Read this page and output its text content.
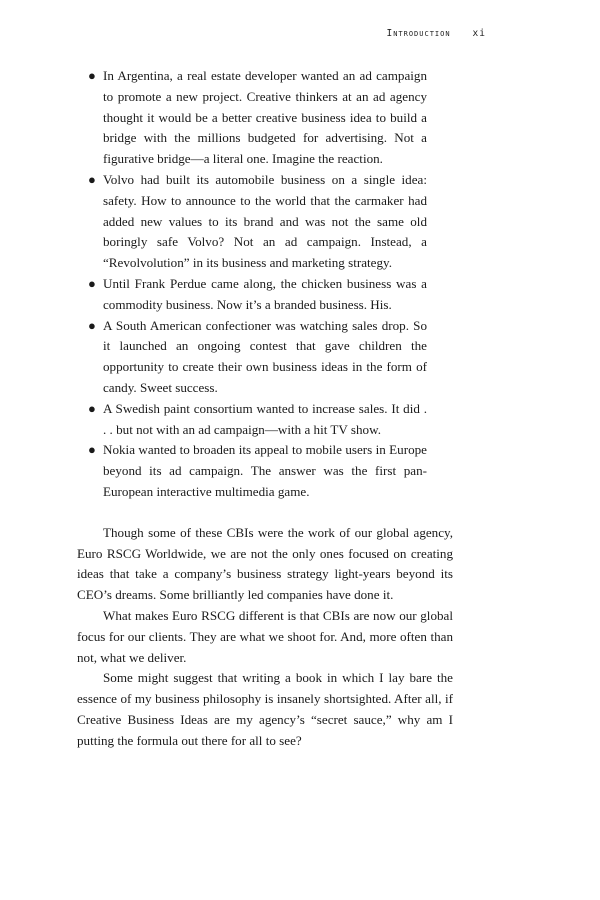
Introduction xi
● In Argentina, a real estate developer wanted an ad campaign to promote a new project. Creative thinkers at an ad agency thought it would be a better creative business idea to build a bridge with the millions budgeted for advertising. Not a figurative bridge—a literal one. Imagine the reaction.
● Volvo had built its automobile business on a single idea: safety. How to announce to the world that the carmaker had added new values to its brand and was not the same old boringly safe Volvo? Not an ad campaign. Instead, a “Revolvolution” in its business and marketing strategy.
● Until Frank Perdue came along, the chicken business was a commodity business. Now it’s a branded business. His.
● A South American confectioner was watching sales drop. So it launched an ongoing contest that gave children the opportunity to create their own business ideas in the form of candy. Sweet success.
● A Swedish paint consortium wanted to increase sales. It did . . . but not with an ad campaign—with a hit TV show.
● Nokia wanted to broaden its appeal to mobile users in Europe beyond its ad campaign. The answer was the first pan-European interactive multimedia game.

Though some of these CBIs were the work of our global agency, Euro RSCG Worldwide, we are not the only ones focused on creating ideas that take a company’s business strategy light-years beyond its CEO’s dreams. Some brilliantly led companies have done it.

What makes Euro RSCG different is that CBIs are now our global focus for our clients. They are what we shoot for. And, more often than not, what we deliver.

Some might suggest that writing a book in which I lay bare the essence of my business philosophy is insanely shortsighted. After all, if Creative Business Ideas are my agency’s “secret sauce,” why am I putting the formula out there for all to see?
